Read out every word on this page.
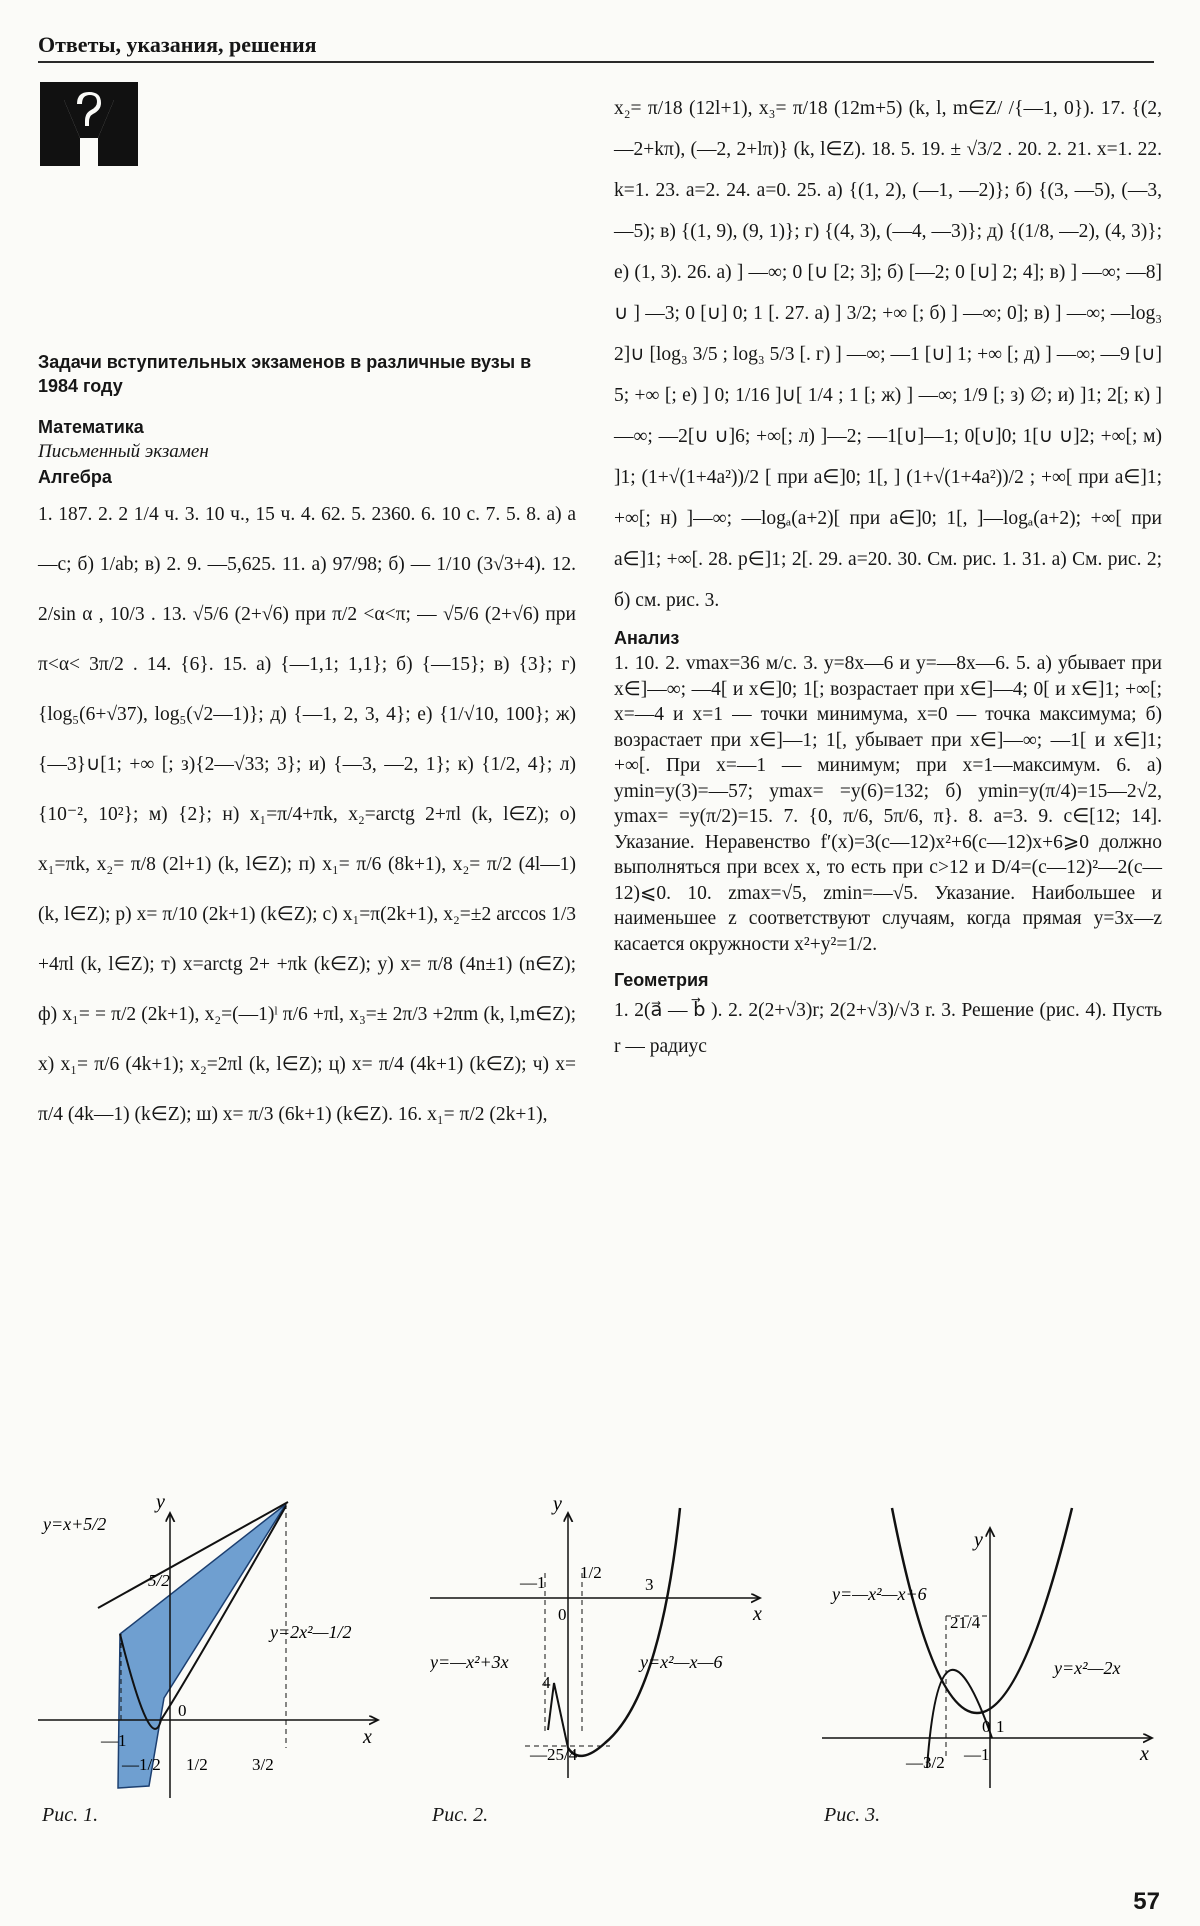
Ответы, указания, решения
Задачи вступительных экзаменов в различные вузы в 1984 году
Математика
Письменный экзамен
Алгебра

1. 187. 2. 2 1/4 ч. 3. 10 ч., 15 ч. 4. 62. 5. 2360. 6. 10 с. 7. 5. 8. а) a—c; б) 1/ab; в) 2. 9. —5,625. 11. а) 97/98; б) — 1/10 (3√3+4). 12. 2/sin α , 10/3 . 13. √5/6 (2+√6) при π/2 <α<π; — √5/6 (2+√6) при π<α< 3π/2 . 14. {6}. 15. а) {—1,1; 1,1}; б) {—15}; в) {3}; г) {log₅(6+√37), log₅(√2—1)}; д) {—1, 2, 3, 4}; е) {1/√10, 100}; ж) {—3}∪[1; +∞ [; з){2—√33; 3}; и) {—3, —2, 1}; к) {1/2, 4}; л) {10⁻², 10²}; м) {2}; н) x₁=π/4+πk, x₂=arctg 2+πl (k, l∈Z); о) x₁=πk, x₂= π/8 (2l+1) (k, l∈Z); п) x₁= π/6 (8k+1), x₂= π/2 (4l—1) (k, l∈Z); р) x= π/10 (2k+1) (k∈Z); с) x₁=π(2k+1), x₂=±2 arccos 1/3 +4πl (k, l∈Z); т) x=arctg 2+ +πk (k∈Z); у) x= π/8 (4n±1) (n∈Z); ф) x₁= = π/2 (2k+1), x₂=(—1)ˡ π/6 +πl, x₃=± 2π/3 +2πm (k, l,m∈Z); х) x₁= π/6 (4k+1); x₂=2πl (k, l∈Z); ц) x= π/4 (4k+1) (k∈Z); ч) x= π/4 (4k—1) (k∈Z); ш) x= π/3 (6k+1) (k∈Z). 16. x₁= π/2 (2k+1),

x₂= π/18 (12l+1), x₃= π/18 (12m+5) (k, l, m∈Z/ /{—1, 0}). 17. {(2, —2+kπ), (—2, 2+lπ)} (k, l∈Z). 18. 5. 19. ± √3/2 . 20. 2. 21. x=1. 22. k=1. 23. a=2. 24. a=0. 25. а) {(1, 2), (—1, —2)}; б) {(3, —5), (—3, —5); в) {(1, 9), (9, 1)}; г) {(4, 3), (—4, —3)}; д) {(1/8, —2), (4, 3)}; е) (1, 3). 26. а) ] —∞; 0 [∪ [2; 3]; б) [—2; 0 [∪] 2; 4]; в) ] —∞; —8] ∪ ] —3; 0 [∪] 0; 1 [. 27. а) ] 3/2; +∞ [; б) ] —∞; 0]; в) ] —∞; —log₃ 2]∪ [log₃ 3/5 ; log₃ 5/3 [. г) ] —∞; —1 [∪] 1; +∞ [; д) ] —∞; —9 [∪] 5; +∞ [; е) ] 0; 1/16 ]∪[ 1/4 ; 1 [; ж) ] —∞; 1/9 [; з) ∅; и) ]1; 2[; к) ]—∞; —2[∪ ∪]6; +∞[; л) ]—2; —1[∪]—1; 0[∪]0; 1[∪ ∪]2; +∞[; м) ]1; (1+√(1+4a²))/2 [ при a∈]0; 1[, ] (1+√(1+4a²))/2 ; +∞[ при a∈]1; +∞[; н) ]—∞; —logₐ(a+2)[ при a∈]0; 1[, ]—logₐ(a+2); +∞[ при a∈]1; +∞[. 28. p∈]1; 2[. 29. a=20. 30. См. рис. 1. 31. а) См. рис. 2; б) см. рис. 3.

Анализ

1. 10. 2. vmax=36 м/с. 3. y=8x—6 и y=—8x—6. 5. а) убывает при x∈]—∞; —4[ и x∈]0; 1[; возрастает при x∈]—4; 0[ и x∈]1; +∞[; x=—4 и x=1 — точки минимума, x=0 — точка максимума; б) возрастает при x∈]—1; 1[, убывает при x∈]—∞; —1[ и x∈]1; +∞[. При x=—1 — минимум; при x=1—максимум. 6. а) ymin=y(3)=—57; ymax= =y(6)=132; б) ymin=y(π/4)=15—2√2, ymax= =y(π/2)=15. 7. {0, π/6, 5π/6, π}. 8. a=3. 9. c∈[12; 14]. Указание. Неравенство f′(x)=3(c—12)x²+6(c—12)x+6⩾0 должно выполняться при всех x, то есть при c>12 и D/4=(c—12)²—2(c—12)⩽0. 10. zmax=√5, zmin=—√5. Указание. Наибольшее и наименьшее z соответствуют случаям, когда прямая y=3x—z касается окружности x²+y²=1/2.

Геометрия

1. 2(a⃗ — b⃗ ). 2. 2(2+√3)r; 2(2+√3)/√3 r. 3. Решение (рис. 4). Пусть r — радиус

y
x
y=x+5/2
y=2x²—1/2
5/2
0
—1
—1/2 1/2	3/2
Рис. 1.
y
x
—1
1/2
3
0
4
—25/4
y=—x²+3x	y=x²—x—6
Рис. 2.
y
x
y=—x²—x+6
y=x²—2x
21/4
0 1
—3/2 —1
Рис. 3.
57
